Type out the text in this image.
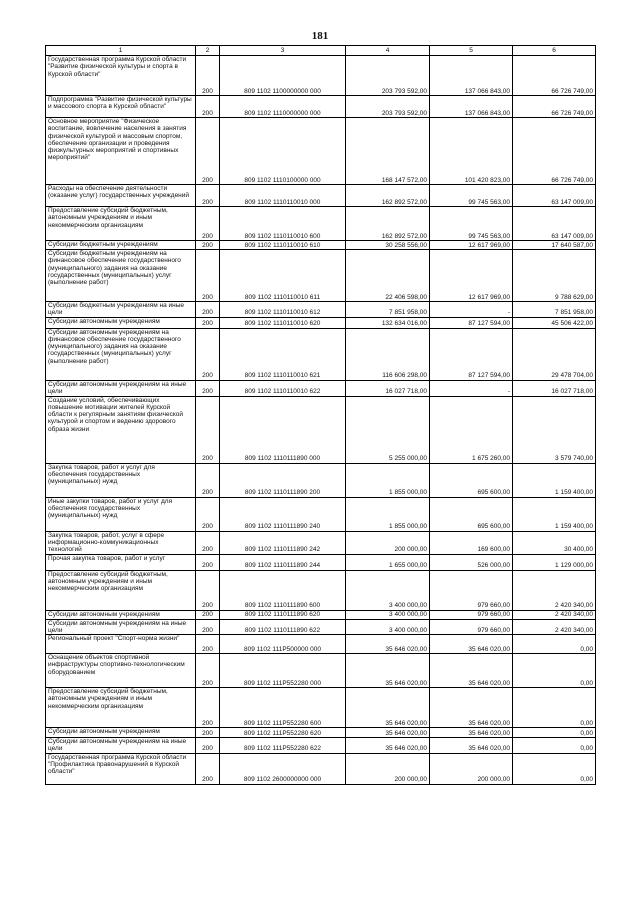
181
1	2	3	4	5	6
Государственная программа Курской области "Развитие физической культуры и спорта в Курской области"	200	809 1102 1100000000 000	203 793 592,00	137 066 843,00	66 726 749,00
Подпрограмма "Развитие физической культуры и массового спорта в Курской области"	200	809 1102 1110000000 000	203 793 592,00	137 066 843,00	66 726 749,00
Основное мероприятие "Физическое воспитание, вовлечение населения в занятия физической культурой и массовым спортом, обеспечение организации и проведения физкультурных мероприятий и спортивных мероприятий"	200	809 1102 1110100000 000	168 147 572,00	101 420 823,00	66 726 749,00
Расходы на обеспечение деятельности (оказание услуг) государственных учреждений	200	809 1102 1110110010 000	162 892 572,00	99 745 563,00	63 147 009,00
Предоставление субсидий бюджетным, автономным учреждениям и иным некоммерческим организациям	200	809 1102 1110110010 600	162 892 572,00	99 745 563,00	63 147 009,00
Субсидии бюджетным учреждениям	200	809 1102 1110110010 610	30 258 556,00	12 617 969,00	17 640 587,00
Субсидии бюджетным учреждениям на финансовое обеспечение государственного (муниципального) задания на оказание государственных (муниципальных) услуг (выполнение работ)	200	809 1102 1110110010 611	22 406 598,00	12 617 969,00	9 788 629,00
Субсидии бюджетным учреждениям на иные цели	200	809 1102 1110110010 612	7 851 958,00	-	7 851 958,00
Субсидии автономным учреждениям	200	809 1102 1110110010 620	132 634 016,00	87 127 594,00	45 506 422,00
Субсидии автономным учреждениям на финансовое обеспечение государственного (муниципального) задания на оказание государственных (муниципальных) услуг (выполнение работ)	200	809 1102 1110110010 621	116 606 298,00	87 127 594,00	29 478 704,00
Субсидии автономным учреждениям на иные цели	200	809 1102 1110110010 622	16 027 718,00	-	16 027 718,00
Создание условий, обеспечивающих повышение мотивации жителей Курской области к регулярным занятиям физической культурой и спортом и ведению здорового образа жизни	200	809 1102 1110111890 000	5 255 000,00	1 675 260,00	3 579 740,00
Закупка товаров, работ и услуг для обеспечения государственных (муниципальных) нужд	200	809 1102 1110111890 200	1 855 000,00	695 600,00	1 159 400,00
Иные закупки товаров, работ и услуг для обеспечения государственных (муниципальных) нужд	200	809 1102 1110111890 240	1 855 000,00	695 600,00	1 159 400,00
Закупка товаров, работ, услуг в сфере информационно-коммуникационных технологий	200	809 1102 1110111890 242	200 000,00	169 600,00	30 400,00
Прочая закупка товаров, работ и услуг	200	809 1102 1110111890 244	1 655 000,00	526 000,00	1 129 000,00
Предоставление субсидий бюджетным, автономным учреждениям и иным некоммерческим организациям	200	809 1102 1110111890 600	3 400 000,00	979 660,00	2 420 340,00
Субсидии автономным учреждениям	200	809 1102 1110111890 620	3 400 000,00	979 660,00	2 420 340,00
Субсидии автономным учреждениям на иные цели	200	809 1102 1110111890 622	3 400 000,00	979 660,00	2 420 340,00
Региональный проект "Спорт-норма жизни"	200	809 1102 111P500000 000	35 646 020,00	35 646 020,00	0,00
Оснащение объектов спортивной инфраструктуры спортивно-технологическим оборудованием	200	809 1102 111P552280 000	35 646 020,00	35 646 020,00	0,00
Предоставление субсидий бюджетным, автономным учреждениям и иным некоммерческим организациям	200	809 1102 111P552280 600	35 646 020,00	35 646 020,00	0,00
Субсидии автономным учреждениям	200	809 1102 111P552280 620	35 646 020,00	35 646 020,00	0,00
Субсидии автономным учреждениям на иные цели	200	809 1102 111P552280 622	35 646 020,00	35 646 020,00	0,00
Государственная программа Курской области "Профилактика правонарушений в Курской области"	200	809 1102 2600000000 000	200 000,00	200 000,00	0,00
